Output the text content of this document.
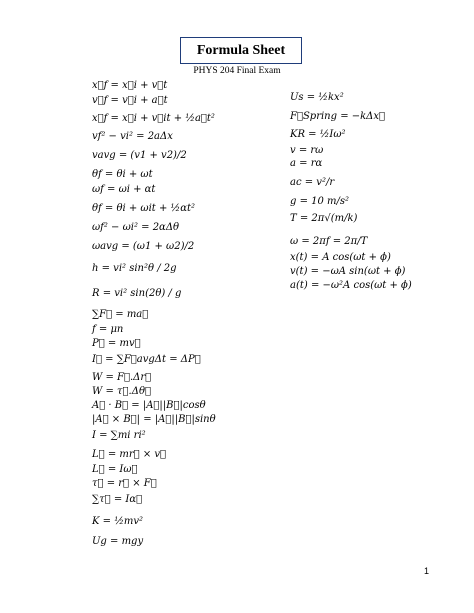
Formula Sheet
PHYS 204 Final Exam
x⃗f = x⃗i + v⃗t
v⃗f = v⃗i + a⃗t
x⃗f = x⃗i + v⃗it + ½a⃗t²
vf² − vi² = 2aΔx
vavg = (v1 + v2)/2
θf = θi + ωt
ωf = ωi + αt
θf = θi + ωit + ½αt²
ωf² − ωi² = 2αΔθ
ωavg = (ω1 + ω2)/2
h = vi² sin²θ / 2g
R = vi² sin(2θ) / g
∑F⃗ = ma⃗
f = μn
P⃗ = mv⃗
I⃗ = ∑F⃗avgΔt = ΔP⃗
W = F⃗.Δr⃗
W = τ⃗.Δθ⃗
A⃗ · B⃗ = |A⃗||B⃗|cosθ
|A⃗ × B⃗| = |A⃗||B⃗|sinθ
I = ∑mi ri²
L⃗ = mr⃗ × v⃗
L⃗ = Iω⃗
τ⃗ = r⃗ × F⃗
∑τ⃗ = Iα⃗
K = ½mv²
Ug = mgy
Us = ½kx²
F⃗Spring = −kΔx⃗
KR = ½Iω²
v = rω
a = rα
ac = v²/r
g = 10 m/s²
T = 2π√(m/k)
ω = 2πf = 2π/T
x(t) = A cos(ωt + ϕ)
v(t) = −ωA sin(ωt + ϕ)
a(t) = −ω²A cos(ωt + ϕ)
1
